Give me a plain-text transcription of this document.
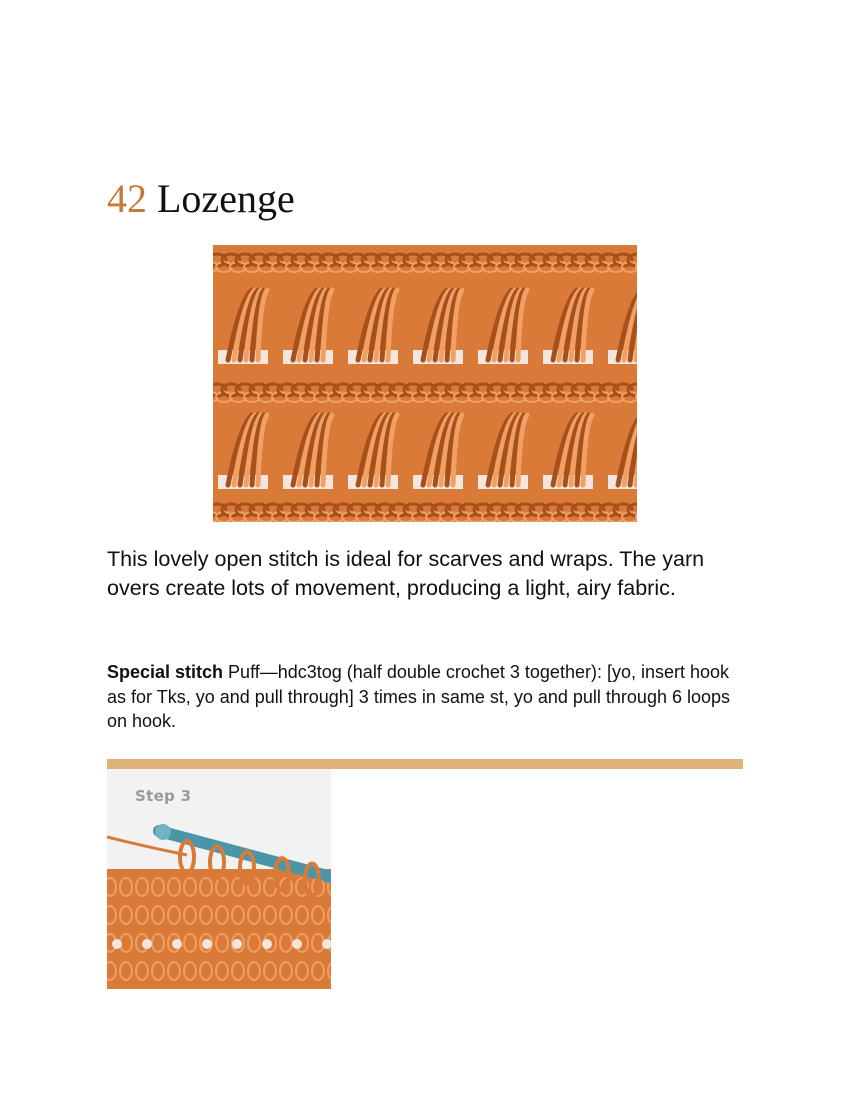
42 Lozenge

This lovely open stitch is ideal for scarves and wraps. The yarn overs create lots of movement, producing a light, airy fabric.

Special stitch Puff—hdc3tog (half double crochet 3 together): [yo, insert hook as for Tks, yo and pull through] 3 times in same st, yo and pull through 6 loops on hook.

Step 3
